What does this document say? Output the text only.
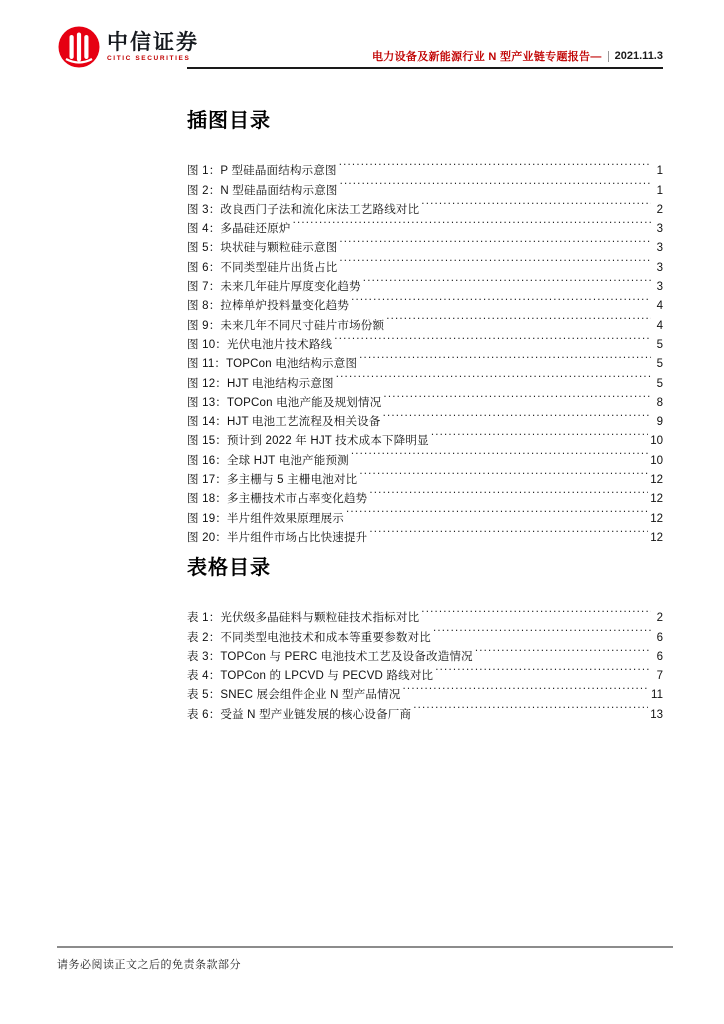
中信证券
CITIC SECURITIES	电力设备及新能源行业 N 型产业链专题报告— 2021.11.3
插图目录
图 1：P 型硅晶面结构示意图 .....	1
图 2：N 型硅晶面结构示意图 .....	1
图 3：改良西门子法和流化床法工艺路线对比 .....	2
图 4：多晶硅还原炉 .....	3
图 5：块状硅与颗粒硅示意图 .....	3
图 6：不同类型硅片出货占比 .....	3
图 7：未来几年硅片厚度变化趋势 .....	3
图 8：拉棒单炉投料量变化趋势 .....	4
图 9：未来几年不同尺寸硅片市场份额 .....	4
图 10：光伏电池片技术路线 .....	5
图 11：TOPCon 电池结构示意图 .....	5
图 12：HJT 电池结构示意图 .....	5
图 13：TOPCon 电池产能及规划情况 .....	8
图 14：HJT 电池工艺流程及相关设备 .....	9
图 15：预计到 2022 年 HJT 技术成本下降明显 .....	10
图 16：全球 HJT 电池产能预测 .....	10
图 17：多主栅与 5 主栅电池对比 .....	12
图 18：多主栅技术市占率变化趋势 .....	12
图 19：半片组件效果原理展示 .....	12
图 20：半片组件市场占比快速提升 .....	12
表格目录
表 1：光伏级多晶硅料与颗粒硅技术指标对比 .....	2
表 2：不同类型电池技术和成本等重要参数对比 .....	6
表 3：TOPCon 与 PERC 电池技术工艺及设备改造情况 .....	6
表 4：TOPCon 的 LPCVD 与 PECVD 路线对比 .....	7
表 5：SNEC 展会组件企业 N 型产品情况 .....	11
表 6：受益 N 型产业链发展的核心设备厂商 .....	13
请务必阅读正文之后的免责条款部分
